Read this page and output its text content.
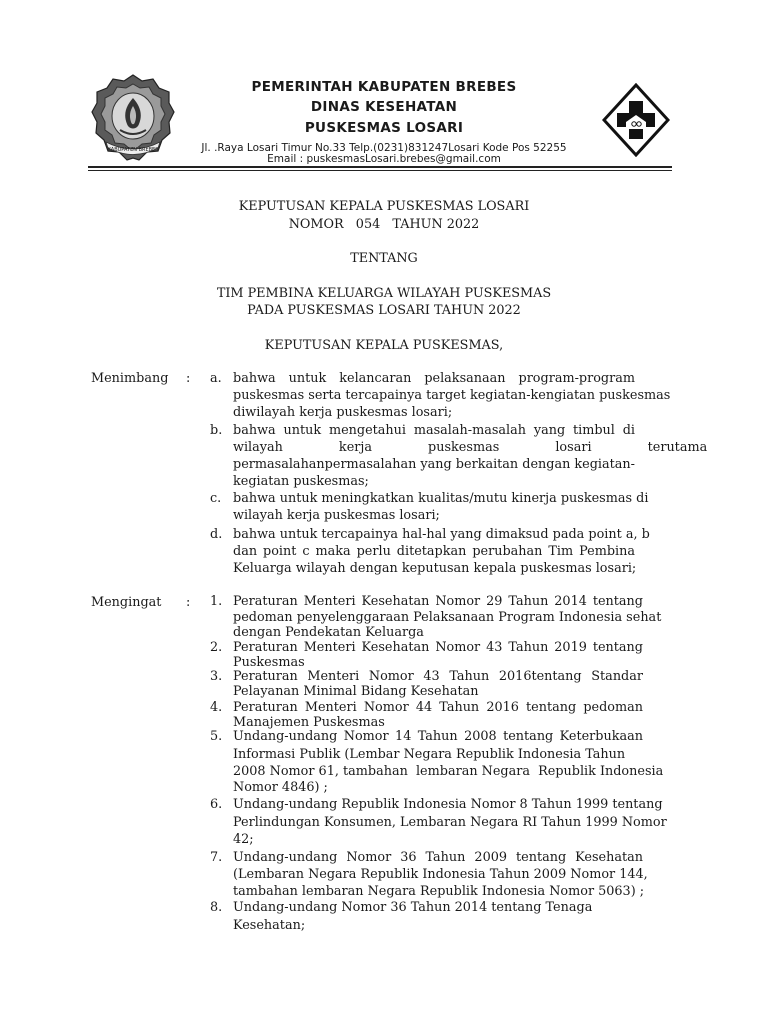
KABUPATEN BREBES
PEMERINTAH KABUPATEN BREBES
DINAS KESEHATAN
PUSKESMAS LOSARI
Jl. .Raya Losari Timur No.33 Telp.(0231)831247Losari Kode Pos 52255
Email : puskesmasLosari.brebes@gmail.com
KEPUTUSAN KEPALA PUSKESMAS LOSARI
NOMOR   054   TAHUN 2022
TENTANG
TIM PEMBINA KELUARGA WILAYAH PUSKESMAS
PADA PUSKESMAS LOSARI TAHUN 2022
KEPUTUSAN KEPALA PUSKESMAS,
Menimbang : a. bahwa untuk kelancaran pelaksanaan program-program
puskesmas serta tercapainya target kegiatan-kengiatan puskesmas
diwilayah kerja puskesmas losari;
b. bahwa untuk mengetahui masalah-masalah yang timbul di
wilayah kerja puskesmas losari terutama
permasalahanpermasalahan yang berkaitan dengan kegiatan-
kegiatan puskesmas;
c. bahwa untuk meningkatkan kualitas/mutu kinerja puskesmas di
wilayah kerja puskesmas losari;
d. bahwa untuk tercapainya hal-hal yang dimaksud pada point a, b
dan point c maka perlu ditetapkan perubahan Tim Pembina
Keluarga wilayah dengan keputusan kepala puskesmas losari;
Mengingat : 1. Peraturan Menteri Kesehatan Nomor 29 Tahun 2014 tentang
pedoman penyelenggaraan Pelaksanaan Program Indonesia sehat
dengan Pendekatan Keluarga
2. Peraturan Menteri Kesehatan Nomor 43 Tahun 2019 tentang
Puskesmas
3. Peraturan Menteri Nomor 43 Tahun 2016tentang Standar
Pelayanan Minimal Bidang Kesehatan
4. Peraturan Menteri Nomor 44 Tahun 2016 tentang pedoman
Manajemen Puskesmas
5. Undang-undang Nomor 14 Tahun 2008 tentang Keterbukaan
Informasi Publik (Lembar Negara Republik Indonesia Tahun
2008 Nomor 61, tambahan  lembaran Negara  Republik Indonesia
Nomor 4846) ;
6. Undang-undang Republik Indonesia Nomor 8 Tahun 1999 tentang
Perlindungan Konsumen, Lembaran Negara RI Tahun 1999 Nomor
42;
7. Undang-undang Nomor 36 Tahun 2009 tentang Kesehatan
(Lembaran Negara Republik Indonesia Tahun 2009 Nomor 144,
tambahan lembaran Negara Republik Indonesia Nomor 5063) ;
8. Undang-undang Nomor 36 Tahun 2014 tentang Tenaga
Kesehatan;
